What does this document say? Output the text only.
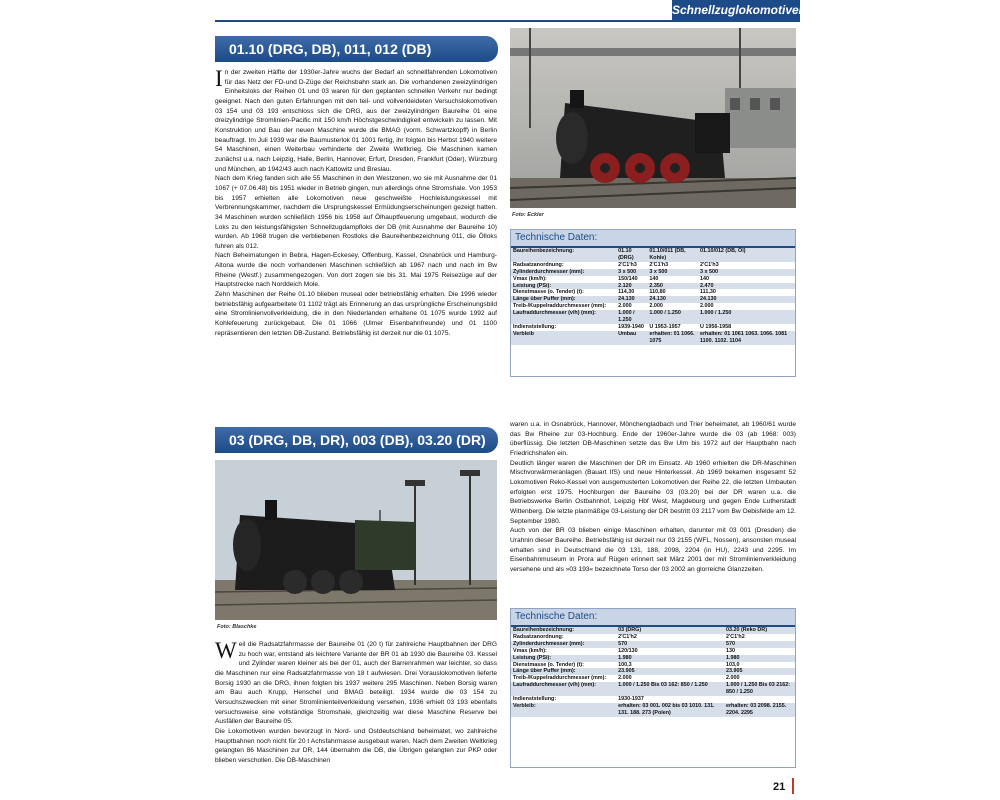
Schnellzuglokomotiven
01.10 (DRG, DB), 011, 012 (DB)

In der zweiten Hälfte der 1930er-Jahre wuchs der Bedarf an schnellfahrenden Lokomotiven für das Netz der FD-und D-Züge der Reichsbahn stark an. Die vorhandenen zweizylindrigen Einheitsloks der Reihen 01 und 03 waren für den geplanten schnellen Verkehr nur bedingt geeignet. Nach den guten Erfahrungen mit den teil- und vollverkleideten Versuchslokomotiven 03 154 und 03 193 entschloss sich die DRG, aus der zweizylindrigen Baureihe 01 eine dreizylindrige Stromlinien-Pacific mit 150 km/h Höchstgeschwindigkeit entwickeln zu lassen. Mit Konstruktion und Bau der neuen Maschine wurde die BMAG (vorm. Schwartzkopff) in Berlin beauftragt. Im Juli 1939 war die Baumusterlok 01 1001 fertig, ihr folgten bis Herbst 1940 weitere 54 Maschinen, einen Weiterbau verhinderte der Zweite Weltkrieg. Die Maschinen kamen zunächst u.a. nach Leipzig, Halle, Berlin, Hannover, Erfurt, Dresden, Frankfurt (Oder), Würzburg und München, ab 1942/43 auch nach Kattowitz und Breslau.

Nach dem Krieg fanden sich alle 55 Maschinen in den Westzonen, wo sie mit Ausnahme der 01 1067 (+ 07.06.48) bis 1951 wieder in Betrieb gingen, nun allerdings ohne Stromshale. Von 1953 bis 1957 erhielten alle Lokomotiven neue geschweißte Hochleistungskessel mit Verbrennungskammer, nachdem die Ursprungskessel Ermüdungserscheinungen gezeigt hatten. 34 Maschinen wurden schließlich 1956 bis 1958 auf Ölhauptfeuerung umgebaut, wodurch die Loks zu den leistungsfähigsten Schnellzugdampfloks der DB (mit Ausnahme der Baureihe 10) wurden. Ab 1968 trugen die verbliebenen Rostloks die Baureihenbezeichnung 011, die Ölloks fuhren als 012.

Nach Beheimatungen in Bebra, Hagen-Eckesey, Offenburg, Kassel, Osnabrück und Hamburg-Altona wurde die noch vorhandenen Maschinen schließlich ab 1967 nach und nach im Bw Rheine (Westf.) zusammengezogen. Von dort zogen sie bis 31. Mai 1975 Reisezüge auf der Hauptstrecke nach Norddeich Mole.

Zehn Maschinen der Reihe 01.10 blieben museal oder betriebsfähig erhalten. Die 1996 wieder betriebsfähig aufgearbeitete 01 1102 trägt als Erinnerung an das ursprüngliche Erscheinungsbild eine Stromlinienvollverkleidung, die in den Niederlanden erhaltene 01 1075 wurde 1992 auf Kohlefeuerung zurückgebaut. Die 01 1066 (Ulmer Eisenbahnfreunde) und 01 1100 repräsentieren den letzten DB-Zustand. Betriebsfähig ist derzeit nur die 01 1075.

Foto: Eckler
Technische Daten:
Baureihenbezeichnung:	01.10 (DRG)	01.10/011 (DB, Kohle)	01.10/012 (DB, Öl)
Radsatzanordnung:	2'C1'h3	2'C1'h3	2'C1'h3
Zylinderdurchmesser (mm):	3 x 500	3 x 500	3 x 500
Vmax (km/h):	150/140	140	140
Leistung (PSi):	2.120	2.350	2.470
Dienstmasse (o. Tender) (t):	114,30	110,80	111,30
Länge über Puffer (mm):	24.130	24.130	24.130
Treib-/Kuppelraddurchmesser (mm):	2.000	2.000	2.000
Laufraddurchmesser (v/h) (mm):	1.000 / 1.250	1.000 / 1.250	1.000 / 1.250
Indienststellung:	1939-1940	U 1953-1957	U 1956-1958
Verbleib	Umbau	erhalten: 01 1066. 1075	erhalten: 01 1061 1063. 1066. 1081 1100. 1102. 1104
03 (DRG, DB, DR), 003 (DB), 03.20 (DR)
Foto: Blaschke

Weil die Radsatzfahrmasse der Baureihe 01 (20 t) für zahlreiche Hauptbahnen der DRG zu hoch war, entstand als leichtere Variante der BR 01 ab 1930 die Baureihe 03. Kessel und Zylinder waren kleiner als bei der 01, auch der Barrenrahmen war leichter, so dass die Maschinen nur eine Radsatzfahrmasse von 18 t aufwiesen. Drei Vorauslokomotiven lieferte Borsig 1930 an die DRG, ihnen folgten bis 1937 weitere 295 Maschinen. Neben Borsig waren am Bau auch Krupp, Henschel und BMAG beteiligt. 1934 wurde die 03 154 zu Versuchszwecken mit einer Stromlinienteilverkleidung versehen, 1936 erhielt 03 193 ebenfalls versuchsweise eine vollständige Stromshale, gleichzeitig war diese Maschine Reserve bei Ausfällen der Baureihe 05.

Die Lokomotiven wurden bevorzugt in Nord- und Ostdeutschland beheimatet, wo zahlreiche Hauptbahnen noch nicht für 20 t Achsfahrmasse ausgebaut waren. Nach dem Zweiten Weltkrieg gelangten 86 Maschinen zur DR, 144 übernahm die DB, die Übrigen gelangten zur PKP oder blieben verschollen. Die DB-Maschinen

waren u.a. in Osnabrück, Hannover, Mönchengladbach und Trier beheimatet, ab 1960/61 wurde das Bw Rheine zur 03-Hochburg. Ende der 1960er-Jahre wurde die 03 (ab 1968: 003) überflüssig. Die letzten DB-Maschinen setzte das Bw Ulm bis 1972 auf der Hauptbahn nach Friedrichshafen ein.

Deutlich länger waren die Maschinen der DR im Einsatz. Ab 1960 erhielten die DR-Maschinen Mischvorwärmeranlagen (Bauart IfS) und neue Hinterkessel. Ab 1969 bekamen insgesamt 52 Lokomotiven Reko-Kessel von ausgemusterten Lokomotiven der Reihe 22, die letzten Umbauten erfolgten erst 1975. Hochburgen der Baureihe 03 (03.20) bei der DR waren u.a. die Betriebswerke Berlin Ostbahnhof, Leipzig Hbf West, Magdeburg und gegen Ende Lutherstadt Wittenberg. Die letzte planmäßige 03-Leistung der DR bestritt 03 2117 vom Bw Oebisfelde am 12. September 1980.

Auch von der BR 03 blieben einige Maschinen erhalten, darunter mit 03 001 (Dresden) die Urahnin dieser Baureihe. Betriebsfähig ist derzeit nur 03 2155 (WFL, Nossen), ansonsten museal erhalten sind in Deutschland die 03 131, 188, 2098, 2204 (in HU), 2243 und 2295. Im Eisenbahnmuseum in Prora auf Rügen erinnert seit März 2001 der mit Stromlinienverkleidung versehene und als »03 193« bezeichnete Torso der 03 2002 an glorreiche Glanzzeiten.

Technische Daten:
Baureihenbezeichnung:	03 (DRG)	03.20 (Reko DR)
Radsatzanordnung:	2'C1'h2	2'C1'h2
Zylinderdurchmesser (mm):	570	570
Vmax (km/h):	120/130	130
Leistung (PSi):	1.980	1.980
Dienstmasse (o. Tender) (t):	100,3	103,0
Länge über Puffer (mm):	23.905	23.905
Treib-/Kuppelraddurchmesser (mm):	2.000	2.000
Laufraddurchmesser (v/h) (mm):	1.000 / 1.250 Bis 03 162: 850 / 1.250	1.000 / 1.250 Bis 03 2162: 850 / 1.250
Indienststellung:	1930-1937	
Verbleib:	erhalten: 03 001. 002 bis 03 1010. 131. 131. 188. 273 (Polen)	erhalten: 03 2098. 2155. 2204. 2295
21
